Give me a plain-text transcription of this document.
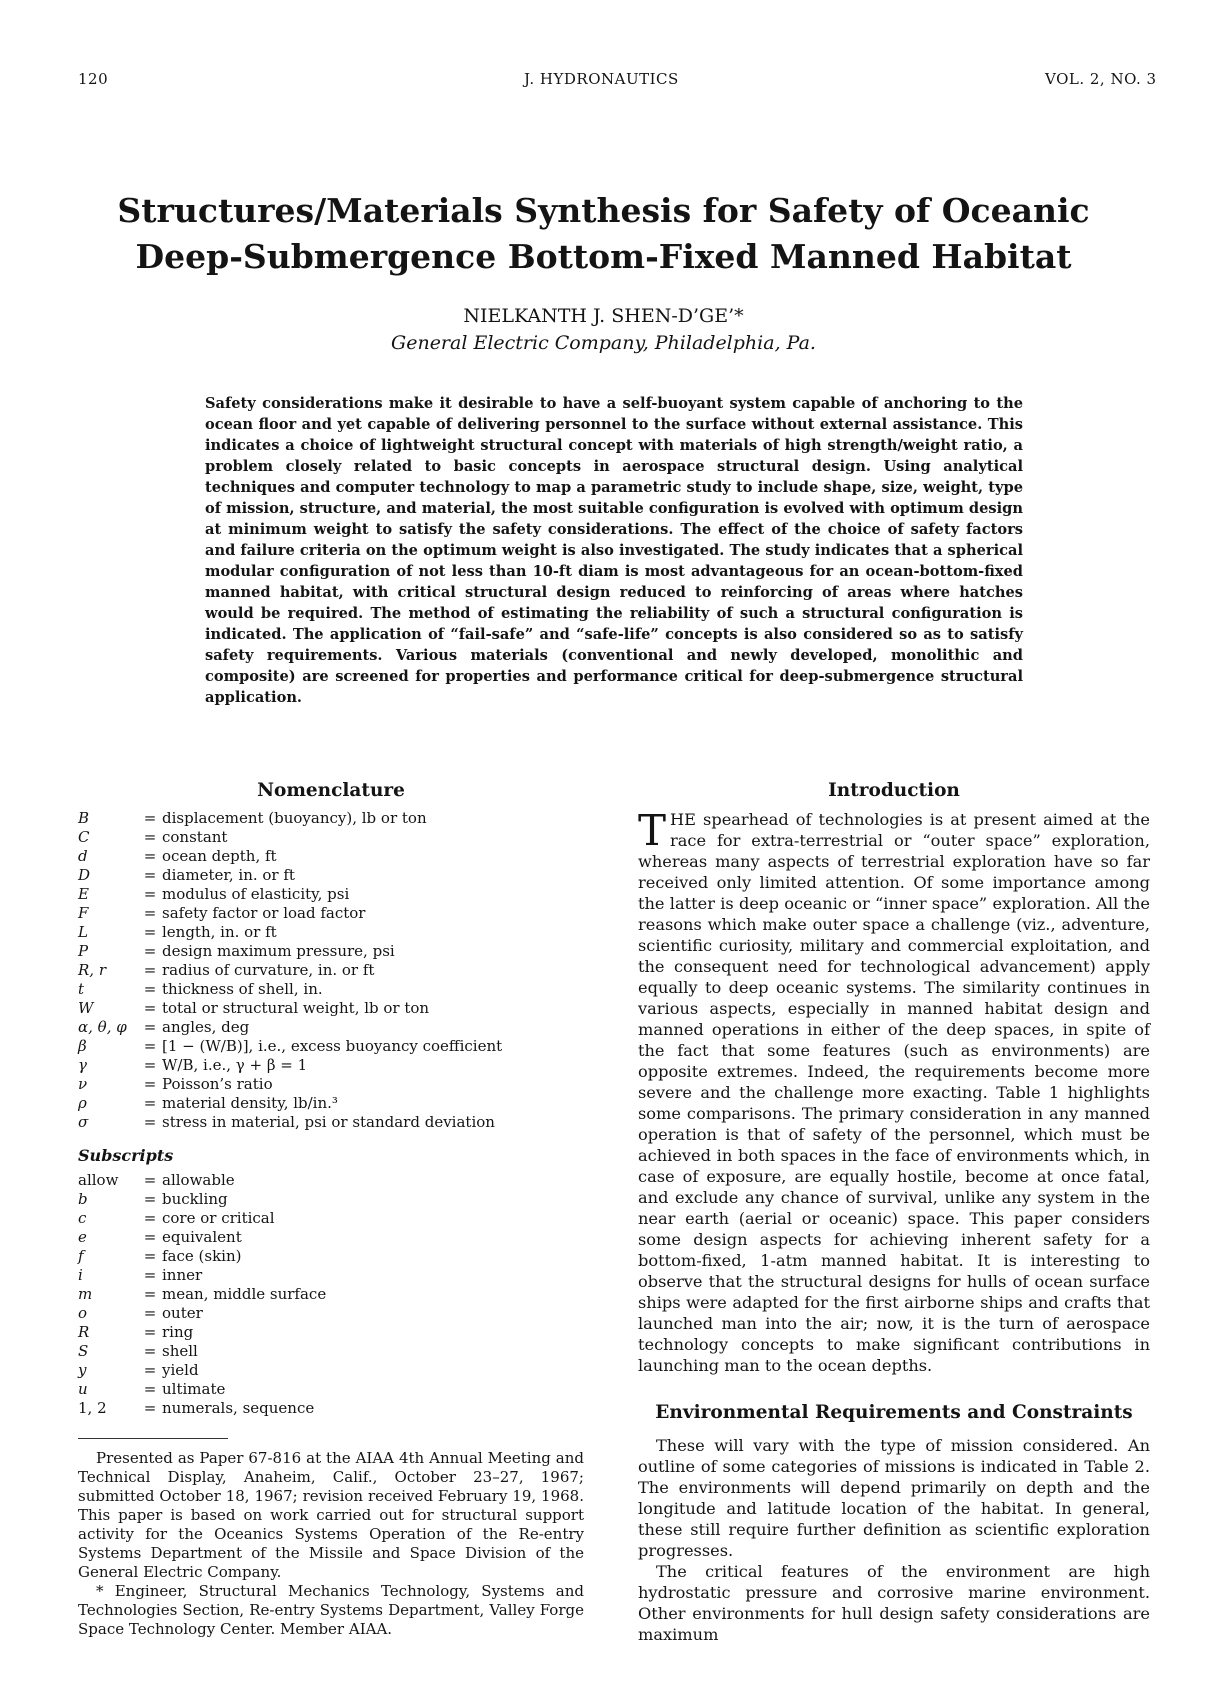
120	J. HYDRONAUTICS	VOL. 2, NO. 3
Structures/Materials Synthesis for Safety of Oceanic
Deep-Submergence Bottom-Fixed Manned Habitat
NIELKANTH J. SHEN-D’GE’*
General Electric Company, Philadelphia, Pa.
Safety considerations make it desirable to have a self-buoyant system capable of anchoring to the ocean floor and yet capable of delivering personnel to the surface without external assistance. This indicates a choice of lightweight structural concept with materials of high strength/weight ratio, a problem closely related to basic concepts in aerospace structural design. Using analytical techniques and computer technology to map a parametric study to include shape, size, weight, type of mission, structure, and material, the most suitable configuration is evolved with optimum design at minimum weight to satisfy the safety considerations. The effect of the choice of safety factors and failure criteria on the optimum weight is also investigated. The study indicates that a spherical modular configuration of not less than 10-ft diam is most advantageous for an ocean-bottom-fixed manned habitat, with critical structural design reduced to reinforcing of areas where hatches would be required. The method of estimating the reliability of such a structural configuration is indicated. The application of “fail-safe” and “safe-life” concepts is also considered so as to satisfy safety requirements. Various materials (conventional and newly developed, monolithic and composite) are screened for properties and performance critical for deep-submergence structural application.
Nomenclature
B	=	displacement (buoyancy), lb or ton
C	=	constant
d	=	ocean depth, ft
D	=	diameter, in. or ft
E	=	modulus of elasticity, psi
F	=	safety factor or load factor
L	=	length, in. or ft
P	=	design maximum pressure, psi
R, r	=	radius of curvature, in. or ft
t	=	thickness of shell, in.
W	=	total or structural weight, lb or ton
α, θ, φ	=	angles, deg
β	=	[1 − (W/B)], i.e., excess buoyancy coefficient
γ	=	W/B, i.e., γ + β = 1
ν	=	Poisson’s ratio
ρ	=	material density, lb/in.³
σ	=	stress in material, psi or standard deviation
Subscripts
allow	=	allowable
b	=	buckling
c	=	core or critical
e	=	equivalent
f	=	face (skin)
i	=	inner
m	=	mean, middle surface
o	=	outer
R	=	ring
S	=	shell
y	=	yield
u	=	ultimate
1, 2	=	numerals, sequence

Presented as Paper 67-816 at the AIAA 4th Annual Meeting and Technical Display, Anaheim, Calif., October 23–27, 1967; submitted October 18, 1967; revision received February 19, 1968. This paper is based on work carried out for structural support activity for the Oceanics Systems Operation of the Re-entry Systems Department of the Missile and Space Division of the General Electric Company.

* Engineer, Structural Mechanics Technology, Systems and Technologies Section, Re-entry Systems Department, Valley Forge Space Technology Center. Member AIAA.

Introduction
THE spearhead of technologies is at present aimed at the race for extra-terrestrial or “outer space” exploration, whereas many aspects of terrestrial exploration have so far received only limited attention. Of some importance among the latter is deep oceanic or “inner space” exploration. All the reasons which make outer space a challenge (viz., adventure, scientific curiosity, military and commercial exploitation, and the consequent need for technological advancement) apply equally to deep oceanic systems. The similarity continues in various aspects, especially in manned habitat design and manned operations in either of the deep spaces, in spite of the fact that some features (such as environments) are opposite extremes. Indeed, the requirements become more severe and the challenge more exacting. Table 1 highlights some comparisons. The primary consideration in any manned operation is that of safety of the personnel, which must be achieved in both spaces in the face of environments which, in case of exposure, are equally hostile, become at once fatal, and exclude any chance of survival, unlike any system in the near earth (aerial or oceanic) space. This paper considers some design aspects for achieving inherent safety for a bottom-fixed, 1-atm manned habitat. It is interesting to observe that the structural designs for hulls of ocean surface ships were adapted for the first airborne ships and crafts that launched man into the air; now, it is the turn of aerospace technology concepts to make significant contributions in launching man to the ocean depths.
Environmental Requirements and Constraints

These will vary with the type of mission considered. An outline of some categories of missions is indicated in Table 2. The environments will depend primarily on depth and the longitude and latitude location of the habitat. In general, these still require further definition as scientific exploration progresses.

The critical features of the environment are high hydrostatic pressure and corrosive marine environment. Other environments for hull design safety considerations are maximum
